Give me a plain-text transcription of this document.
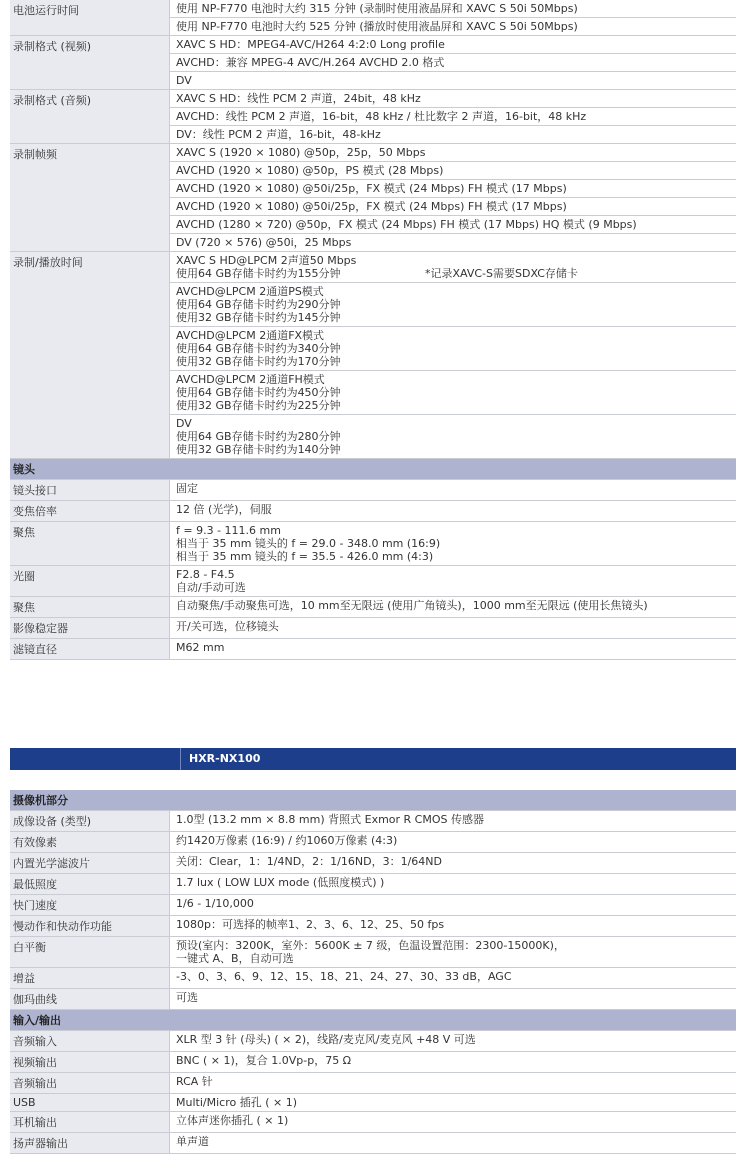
电池运行时间	使用 NP-F770 电池时大约 315 分钟 (录制时使用液晶屏和 XAVC S 50i 50Mbps)
使用 NP-F770 电池时大约 525 分钟 (播放时使用液晶屏和 XAVC S 50i 50Mbps)
录制格式 (视频)	XAVC S HD：MPEG4-AVC/H264 4:2:0 Long profile
AVCHD：兼容 MPEG-4 AVC/H.264 AVCHD 2.0 格式
DV
录制格式 (音频)	XAVC S HD：线性 PCM 2 声道，24bit，48 kHz
AVCHD：线性 PCM 2 声道，16-bit，48 kHz / 杜比数字 2 声道，16-bit，48 kHz
DV：线性 PCM 2 声道，16-bit，48-kHz
录制帧频	XAVC S (1920 × 1080) @50p，25p，50 Mbps
AVCHD (1920 × 1080) @50p，PS 模式 (28 Mbps)
AVCHD (1920 × 1080) @50i/25p，FX 模式 (24 Mbps) FH 模式 (17 Mbps)
AVCHD (1920 × 1080) @50i/25p，FX 模式 (24 Mbps) FH 模式 (17 Mbps)
AVCHD (1280 × 720) @50p，FX 模式 (24 Mbps) FH 模式 (17 Mbps) HQ 模式 (9 Mbps)
DV (720 × 576) @50i，25 Mbps
录制/播放时间	XAVC S HD@LPCM 2声道50 Mbps
使用64 GB存储卡时约为155分钟	*记录XAVC-S需要SDXC存储卡
AVCHD@LPCM 2通道PS模式
使用64 GB存储卡时约为290分钟
使用32 GB存储卡时约为145分钟
AVCHD@LPCM 2通道FX模式
使用64 GB存储卡时约为340分钟
使用32 GB存储卡时约为170分钟
AVCHD@LPCM 2通道FH模式
使用64 GB存储卡时约为450分钟
使用32 GB存储卡时约为225分钟
DV
使用64 GB存储卡时约为280分钟
使用32 GB存储卡时约为140分钟
镜头
镜头接口	固定
变焦倍率	12 倍 (光学)，伺服
聚焦	f = 9.3 - 111.6 mm
相当于 35 mm 镜头的 f = 29.0 - 348.0 mm (16:9)
相当于 35 mm 镜头的 f = 35.5 - 426.0 mm (4:3)
光圈	F2.8 - F4.5
自动/手动可选
聚焦	自动聚焦/手动聚焦可选，10 mm至无限远 (使用广角镜头)，1000 mm至无限远 (使用长焦镜头)
影像稳定器	开/关可选，位移镜头
滤镜直径	M62 mm
HXR-NX100
摄像机部分
成像设备 (类型)	1.0型 (13.2 mm × 8.8 mm) 背照式 Exmor R CMOS 传感器
有效像素	约1420万像素 (16:9) / 约1060万像素 (4:3)
内置光学滤波片	关闭：Clear，1：1/4ND，2：1/16ND，3：1/64ND
最低照度	1.7 lux ( LOW LUX mode (低照度模式) )
快门速度	1/6 - 1/10,000
慢动作和快动作功能	1080p：可选择的帧率1、2、3、6、12、25、50 fps
白平衡	预设(室内：3200K，室外：5600K ± 7 级，色温设置范围：2300-15000K)，
一键式 A、B，自动可选
增益	-3、0、3、6、9、12、15、18、21、24、27、30、33 dB，AGC
伽玛曲线	可选
输入/输出
音频输入	XLR 型 3 针 (母头) ( × 2)，线路/麦克风/麦克风 +48 V 可选
视频输出	BNC ( × 1)，复合 1.0Vp-p，75 Ω
音频输出	RCA 针
USB	Multi/Micro 插孔 ( × 1)
耳机输出	立体声迷你插孔 ( × 1)
扬声器输出	单声道
